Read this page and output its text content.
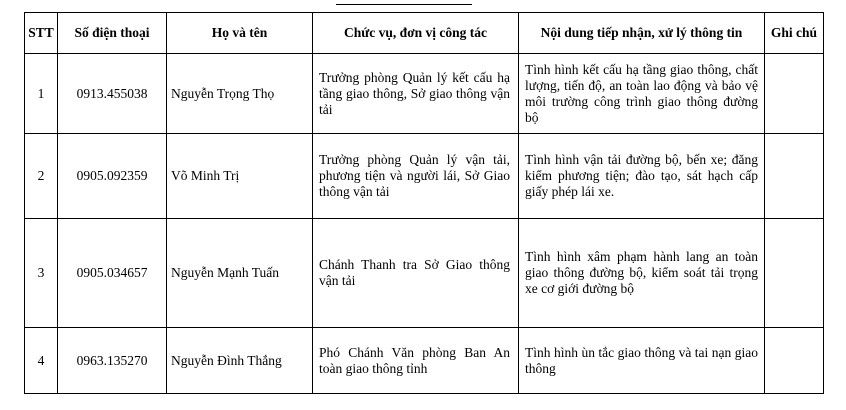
STT	Số điện thoại	Họ và tên	Chức vụ, đơn vị công tác	Nội dung tiếp nhận, xử lý thông tin	Ghi chú
1	0913.455038	Nguyễn Trọng Thọ	Trưởng phòng Quản lý kết cấu hạ tầng giao thông, Sở giao thông vận tải	Tình hình kết cấu hạ tầng giao thông, chất lượng, tiến độ, an toàn lao động và bảo vệ môi trường công trình giao thông đường bộ	
2	0905.092359	Võ Minh Trị	Trưởng phòng Quản lý vận tải, phương tiện và người lái, Sở Giao thông vận tải	Tình hình vận tải đường bộ, bến xe; đăng kiểm phương tiện; đào tạo, sát hạch cấp giấy phép lái xe.	
3	0905.034657	Nguyễn Mạnh Tuấn	Chánh Thanh tra Sở Giao thông vận tải	Tình hình xâm phạm hành lang an toàn giao thông đường bộ, kiểm soát tải trọng xe cơ giới đường bộ	
4	0963.135270	Nguyễn Đình Thắng	Phó Chánh Văn phòng Ban An toàn giao thông tỉnh	Tình hình ùn tắc giao thông và tai nạn giao thông	
